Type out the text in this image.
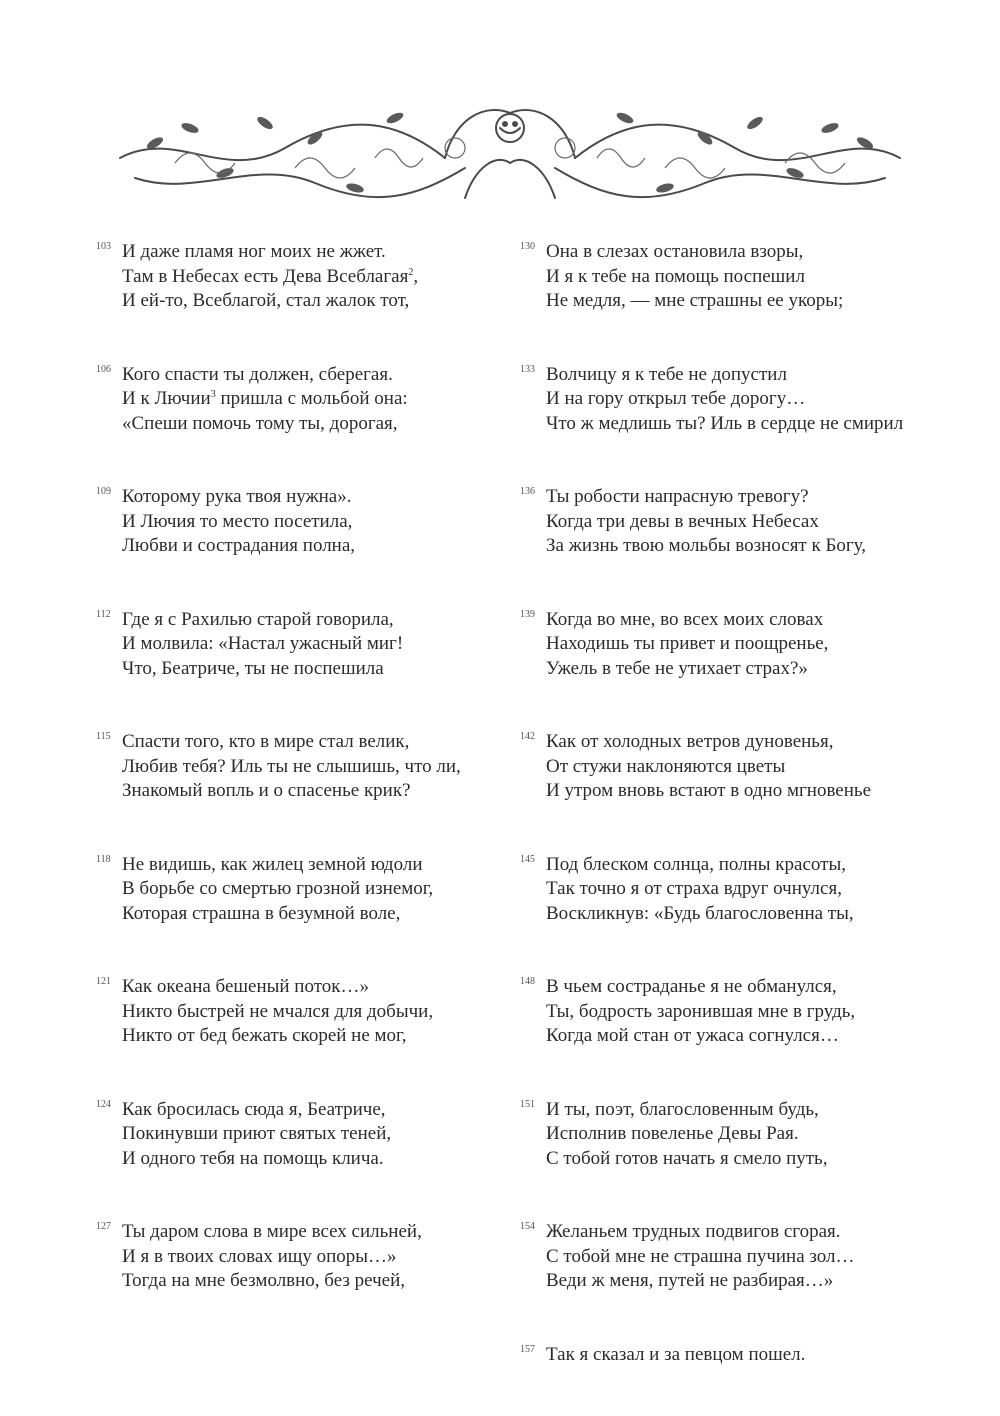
103 И даже пламя ног моих не жжет.
Там в Небесах есть Дева Всеблагая$^2$,
И ей-то, Всеблагой, стал жалок тот,
106 Кого спасти ты должен, сберегая.
И к Лючии$^3$ пришла с мольбой она:
«Спеши помочь тому ты, дорогая,
109 Которому рука твоя нужна».
И Лючия то место посетила,
Любви и сострадания полна,
112 Где я с Рахилью старой говорила,
И молвила: «Настал ужасный миг!
Что, Беатриче, ты не поспешила
115 Спасти того, кто в мире стал велик,
Любив тебя? Иль ты не слышишь, что ли,
Знакомый вопль и о спасенье крик?
118 Не видишь, как жилец земной юдоли
В борьбе со смертью грозной изнемог,
Которая страшна в безумной воле,
121 Как океана бешеный поток…»
Никто быстрей не мчался для добычи,
Никто от бед бежать скорей не мог,
124 Как бросилась сюда я, Беатриче,
Покинувши приют святых теней,
И одного тебя на помощь клича.
127 Ты даром слова в мире всех сильней,
И я в твоих словах ищу опоры…»
Тогда на мне безмолвно, без речей,
130 Она в слезах остановила взоры,
И я к тебе на помощь поспешил
Не медля, — мне страшны ее укоры;
133 Волчицу я к тебе не допустил
И на гору открыл тебе дорогу…
Что ж медлишь ты? Иль в сердце не смирил
136 Ты робости напрасную тревогу?
Когда три девы в вечных Небесах
За жизнь твою мольбы возносят к Богу,
139 Когда во мне, во всех моих словах
Находишь ты привет и поощренье,
Ужель в тебе не утихает страх?»
142 Как от холодных ветров дуновенья,
От стужи наклоняются цветы
И утром вновь встают в одно мгновенье
145 Под блеском солнца, полны красоты,
Так точно я от страха вдруг очнулся,
Воскликнув: «Будь благословенна ты,
148 В чьем состраданье я не обманулся,
Ты, бодрость заронившая мне в грудь,
Когда мой стан от ужаса согнулся…
151 И ты, поэт, благословенным будь,
Исполнив повеленье Девы Рая.
С тобой готов начать я смело путь,
154 Желаньем трудных подвигов сгорая.
С тобой мне не страшна пучина зол…
Веди ж меня, путей не разбирая…»
157 Так я сказал и за певцом пошел.
